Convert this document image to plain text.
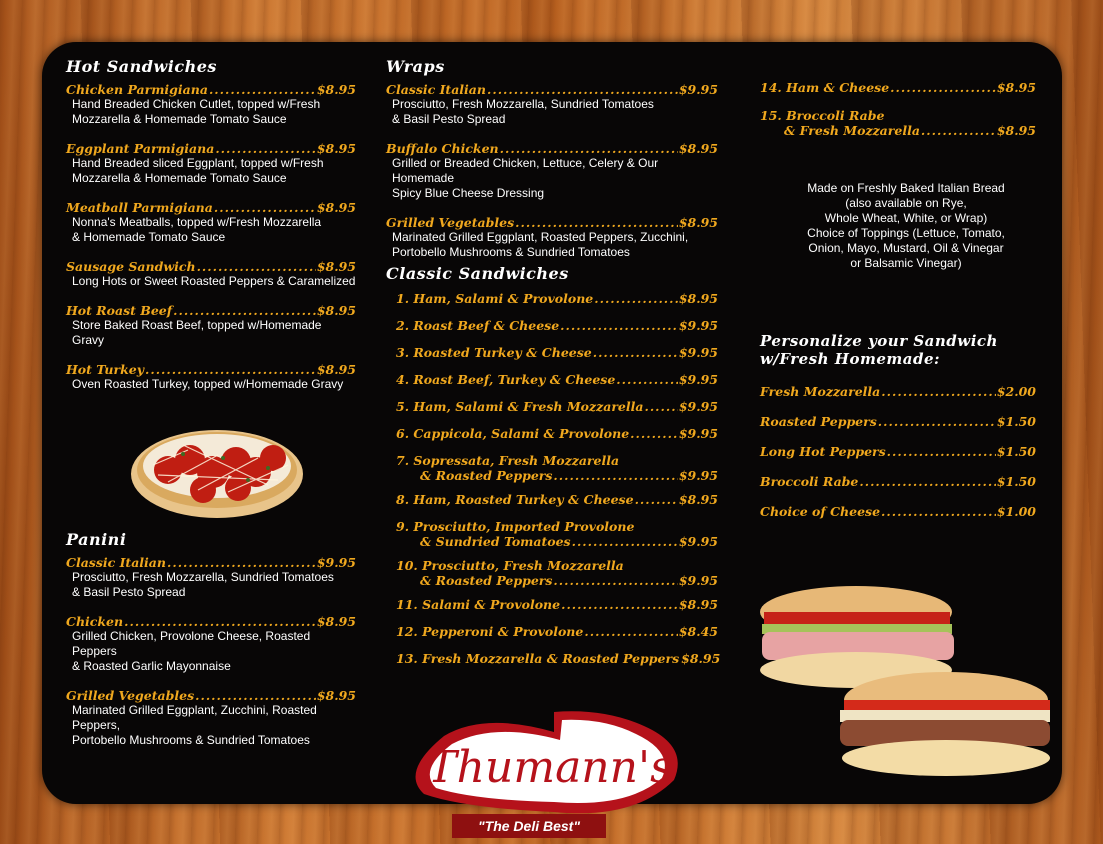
Hot Sandwiches
Chicken Parmigiana .....	$8.95
Hand Breaded Chicken Cutlet, topped w/Fresh
Mozzarella & Homemade Tomato Sauce
Eggplant Parmigiana .....	$8.95
Hand Breaded sliced Eggplant, topped w/Fresh
Mozzarella & Homemade Tomato Sauce
Meatball Parmigiana .....	$8.95
Nonna's Meatballs, topped w/Fresh Mozzarella
& Homemade Tomato Sauce
Sausage Sandwich .....	$8.95
Long Hots or Sweet Roasted Peppers & Caramelized
Hot Roast Beef .....	$8.95
Store Baked Roast Beef, topped w/Homemade Gravy
Hot Turkey .....	$8.95
Oven Roasted Turkey, topped w/Homemade Gravy
Panini
Classic Italian .....	$9.95
Prosciutto, Fresh Mozzarella, Sundried Tomatoes
& Basil Pesto Spread
Chicken .....	$8.95
Grilled Chicken, Provolone Cheese, Roasted Peppers
& Roasted Garlic Mayonnaise
Grilled Vegetables .....	$8.95
Marinated Grilled Eggplant, Zucchini, Roasted Peppers,
Portobello Mushrooms & Sundried Tomatoes
Wraps
Classic Italian .....	$9.95
Prosciutto, Fresh Mozzarella, Sundried Tomatoes
& Basil Pesto Spread
Buffalo Chicken .....	$8.95
Grilled or Breaded Chicken, Lettuce, Celery & Our Homemade
Spicy Blue Cheese Dressing
Grilled Vegetables .....	$8.95
Marinated Grilled Eggplant, Roasted Peppers, Zucchini,
Portobello Mushrooms & Sundried Tomatoes
Classic Sandwiches
1. Ham, Salami & Provolone .....	$8.95
2. Roast Beef & Cheese .....	$9.95
3. Roasted Turkey & Cheese .....	$9.95
4. Roast Beef, Turkey & Cheese .....	$9.95
5. Ham, Salami & Fresh Mozzarella .....	$9.95
6. Cappicola, Salami & Provolone .....	$9.95
7. Sopressata, Fresh Mozzarella
& Roasted Peppers .....	$9.95
8. Ham, Roasted Turkey & Cheese .....	$8.95
9. Prosciutto, Imported Provolone
& Sundried Tomatoes .....	$9.95
10. Prosciutto, Fresh Mozzarella
& Roasted Peppers .....	$9.95
11. Salami & Provolone .....	$8.95
12. Pepperoni & Provolone .....	$8.45
13. Fresh Mozzarella & Roasted Peppers $8.95
14. Ham & Cheese .....	$8.95
15. Broccoli Rabe
& Fresh Mozzarella .....	$8.95
Made on Freshly Baked Italian Bread
(also available on Rye,
Whole Wheat, White, or Wrap)
Choice of Toppings (Lettuce, Tomato,
Onion, Mayo, Mustard, Oil & Vinegar
or Balsamic Vinegar)
Personalize your Sandwich
w/Fresh Homemade:
Fresh Mozzarella .....	$2.00
Roasted Peppers .....	$1.50
Long Hot Peppers .....	$1.50
Broccoli Rabe .....	$1.50
Choice of Cheese .....	$1.00
Thumann's
"The Deli Best"
